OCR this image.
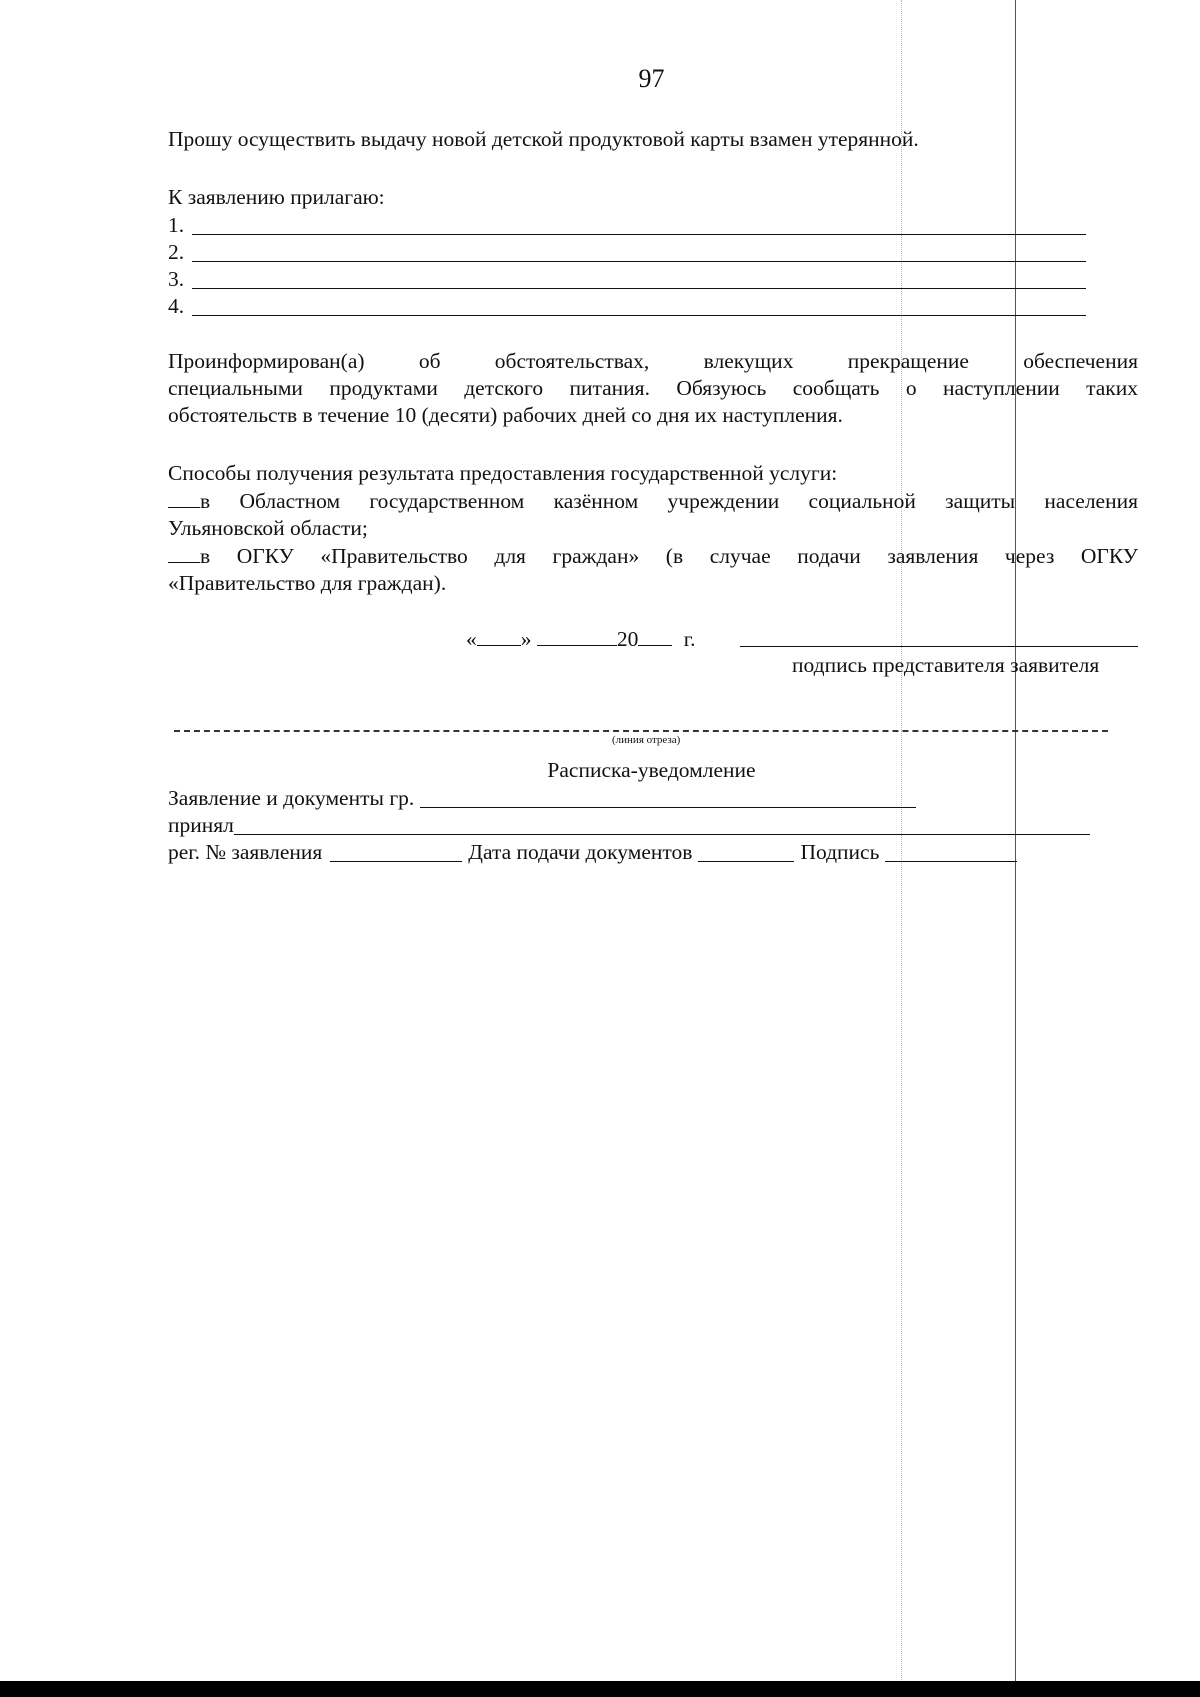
97
Прошу осуществить выдачу новой детской продуктовой карты взамен утерянной.
К заявлению прилагаю:
1.
2.
3.
4.
Проинформирован(а) об обстоятельствах, влекущих прекращение обеспечения
специальными продуктами детского питания. Обязуюсь сообщать о наступлении таких
обстоятельств в течение 10 (десяти) рабочих дней со дня их наступления.
Способы получения результата предоставления государственной услуги:
в Областном государственном казённом учреждении социальной защиты населения
Ульяновской области;
в ОГКУ «Правительство для граждан» (в случае подачи заявления через ОГКУ
«Правительство для граждан).
« »	20 г.
подпись представителя заявителя
(линия отреза)
Расписка-уведомление
Заявление и документы гр.
принял
рег. № заявления	Дата подачи документов	Подпись
